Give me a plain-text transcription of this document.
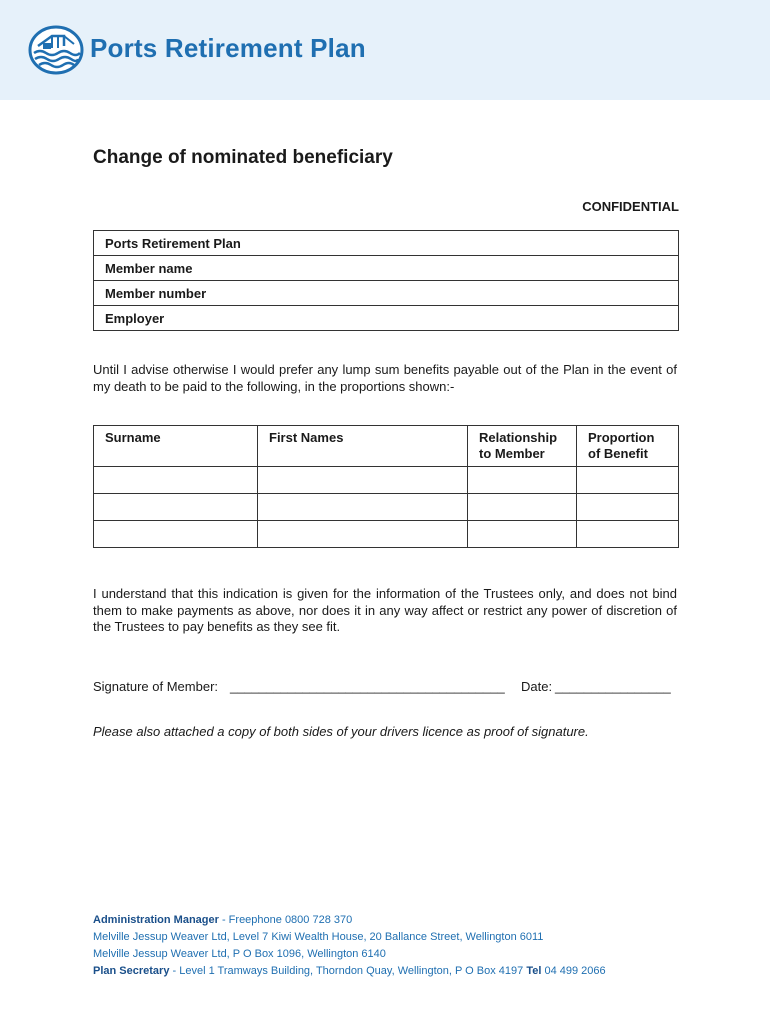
Ports Retirement Plan
Change of nominated beneficiary
CONFIDENTIAL
Ports Retirement Plan
Member name
Member number
Employer

Until I advise otherwise I would prefer any lump sum benefits payable out of the Plan in the event of my death to be paid to the following, in the proportions shown:-

Surname	First Names	Relationship to Member	Proportion of Benefit

I understand that this indication is given for the information of the Trustees only, and does not bind them to make payments as above, nor does it in any way affect or restrict any power of discretion of the Trustees to pay benefits as they see fit.

Signature of Member: ______________________________________ Date: ________________

Please also attached a copy of both sides of your drivers licence as proof of signature.

Administration Manager - Freephone 0800 728 370
Melville Jessup Weaver Ltd, Level 7 Kiwi Wealth House, 20 Ballance Street, Wellington 6011
Melville Jessup Weaver Ltd, P O Box 1096, Wellington 6140
Plan Secretary - Level 1 Tramways Building, Thorndon Quay, Wellington, P O Box 4197 Tel 04 499 2066
